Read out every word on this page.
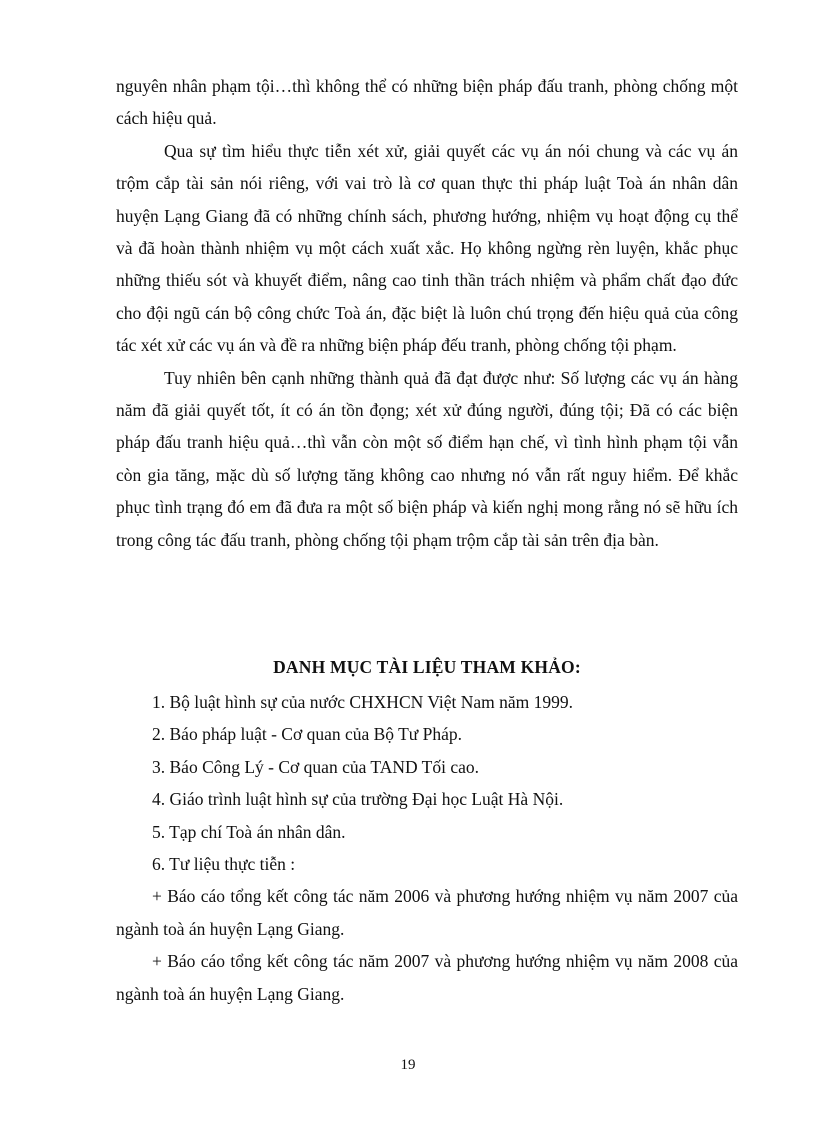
nguyên nhân phạm tội…thì không thể có những biện pháp đấu tranh, phòng chống một cách hiệu quả.

Qua sự tìm hiểu thực tiễn xét xử, giải quyết các vụ án nói chung và các vụ án trộm cắp tài sản nói riêng, với vai trò là cơ quan thực thi pháp luật Toà án nhân dân huyện Lạng Giang đã có những chính sách, phương hướng, nhiệm vụ hoạt động cụ thể và đã hoàn thành nhiệm vụ một cách xuất xắc. Họ không ngừng rèn luyện, khắc phục những thiếu sót và khuyết điểm, nâng cao tinh thần trách nhiệm và phẩm chất đạo đức cho đội ngũ cán bộ công chức Toà án, đặc biệt là luôn chú trọng đến hiệu quả của công tác xét xử các vụ án và đề ra những biện pháp đếu tranh, phòng chống tội phạm.

Tuy nhiên bên cạnh những thành quả đã đạt được như: Số lượng các vụ án hàng năm đã giải quyết tốt, ít có án tồn đọng; xét xử đúng người, đúng tội; Đã có các biện pháp đấu tranh hiệu quả…thì vẫn còn một số điểm hạn chế, vì tình hình phạm tội vẫn còn gia tăng, mặc dù số lượng tăng không cao nhưng nó vẫn rất nguy hiểm. Để khắc phục tình trạng đó em đã đưa ra một số biện pháp và kiến nghị mong rằng nó sẽ hữu ích trong công tác đấu tranh, phòng chống tội phạm trộm cắp tài sản trên địa bàn.

DANH MỤC TÀI LIỆU THAM KHẢO:
1. Bộ luật hình sự của nước CHXHCN Việt Nam năm 1999.
2. Báo pháp luật - Cơ quan của Bộ Tư Pháp.
3. Báo Công Lý - Cơ quan của TAND Tối cao.
4. Giáo trình luật hình sự của trường Đại học Luật Hà Nội.
5. Tạp chí Toà án nhân dân.
6. Tư liệu thực tiễn :
+ Báo cáo tổng kết công tác năm 2006 và phương hướng nhiệm vụ năm 2007 của ngành toà án huyện Lạng Giang.
+ Báo cáo tổng kết công tác năm 2007 và phương hướng nhiệm vụ năm 2008 của ngành toà án huyện Lạng Giang.
19
